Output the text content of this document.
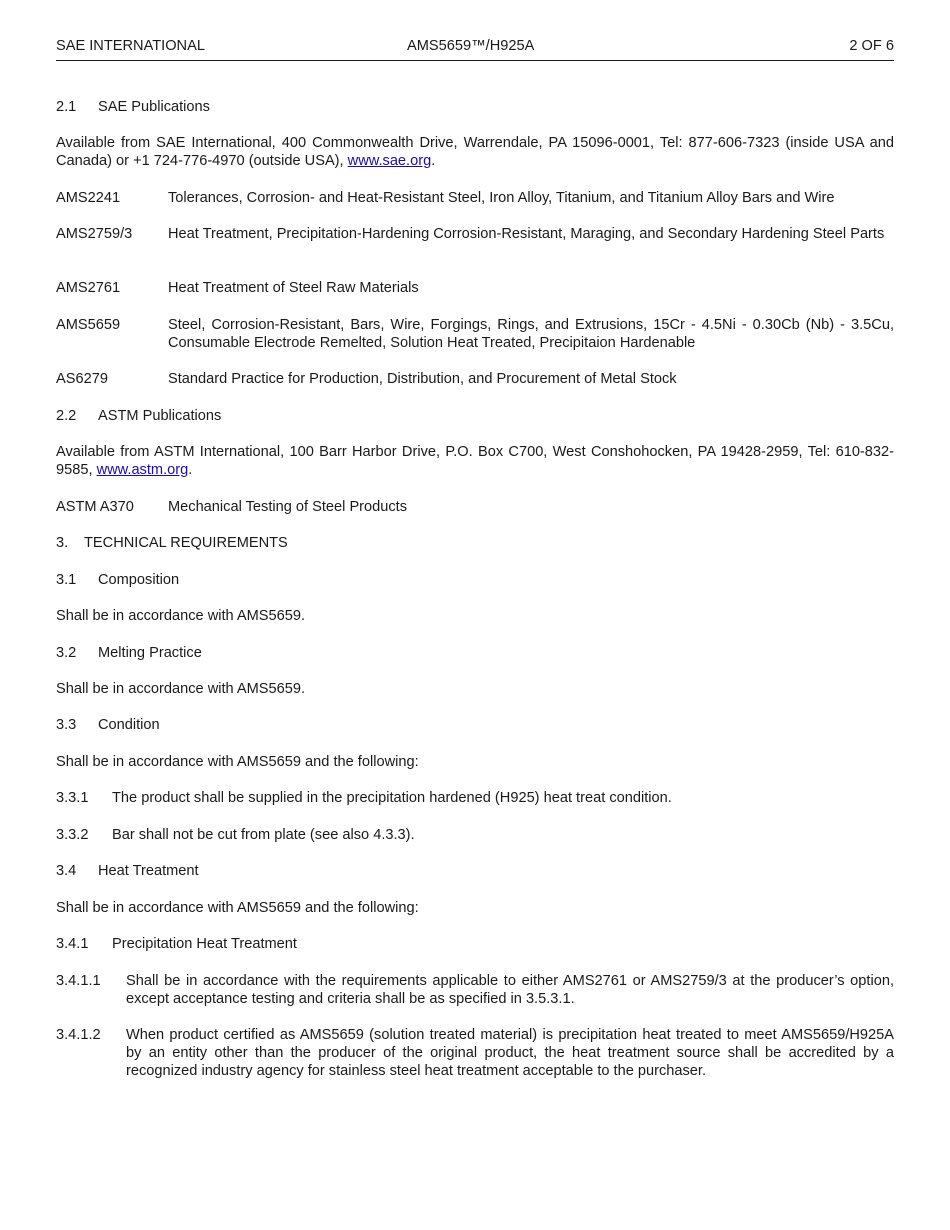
SAE INTERNATIONAL	AMS5659™/H925A	2 OF 6
2.1 SAE Publications
Available from SAE International, 400 Commonwealth Drive, Warrendale, PA 15096-0001, Tel: 877-606-7323 (inside USA and Canada) or +1 724-776-4970 (outside USA), www.sae.org.
AMS2241	Tolerances, Corrosion- and Heat-Resistant Steel, Iron Alloy, Titanium, and Titanium Alloy Bars and Wire
AMS2759/3	Heat Treatment, Precipitation-Hardening Corrosion-Resistant, Maraging, and Secondary Hardening Steel Parts
AMS2761	Heat Treatment of Steel Raw Materials
AMS5659	Steel, Corrosion-Resistant, Bars, Wire, Forgings, Rings, and Extrusions, 15Cr - 4.5Ni - 0.30Cb (Nb) - 3.5Cu, Consumable Electrode Remelted, Solution Heat Treated, Precipitaion Hardenable
AS6279	Standard Practice for Production, Distribution, and Procurement of Metal Stock
2.2 ASTM Publications
Available from ASTM International, 100 Barr Harbor Drive, P.O. Box C700, West Conshohocken, PA 19428-2959, Tel: 610-832-9585, www.astm.org.
ASTM A370	Mechanical Testing of Steel Products
3. TECHNICAL REQUIREMENTS
3.1 Composition
Shall be in accordance with AMS5659.
3.2 Melting Practice
Shall be in accordance with AMS5659.
3.3 Condition
Shall be in accordance with AMS5659 and the following:
3.3.1 The product shall be supplied in the precipitation hardened (H925) heat treat condition.
3.3.2 Bar shall not be cut from plate (see also 4.3.3).
3.4 Heat Treatment
Shall be in accordance with AMS5659 and the following:
3.4.1 Precipitation Heat Treatment
3.4.1.1	Shall be in accordance with the requirements applicable to either AMS2761 or AMS2759/3 at the producer’s option, except acceptance testing and criteria shall be as specified in 3.5.3.1.
3.4.1.2	When product certified as AMS5659 (solution treated material) is precipitation heat treated to meet AMS5659/H925A by an entity other than the producer of the original product, the heat treatment source shall be accredited by a recognized industry agency for stainless steel heat treatment acceptable to the purchaser.
